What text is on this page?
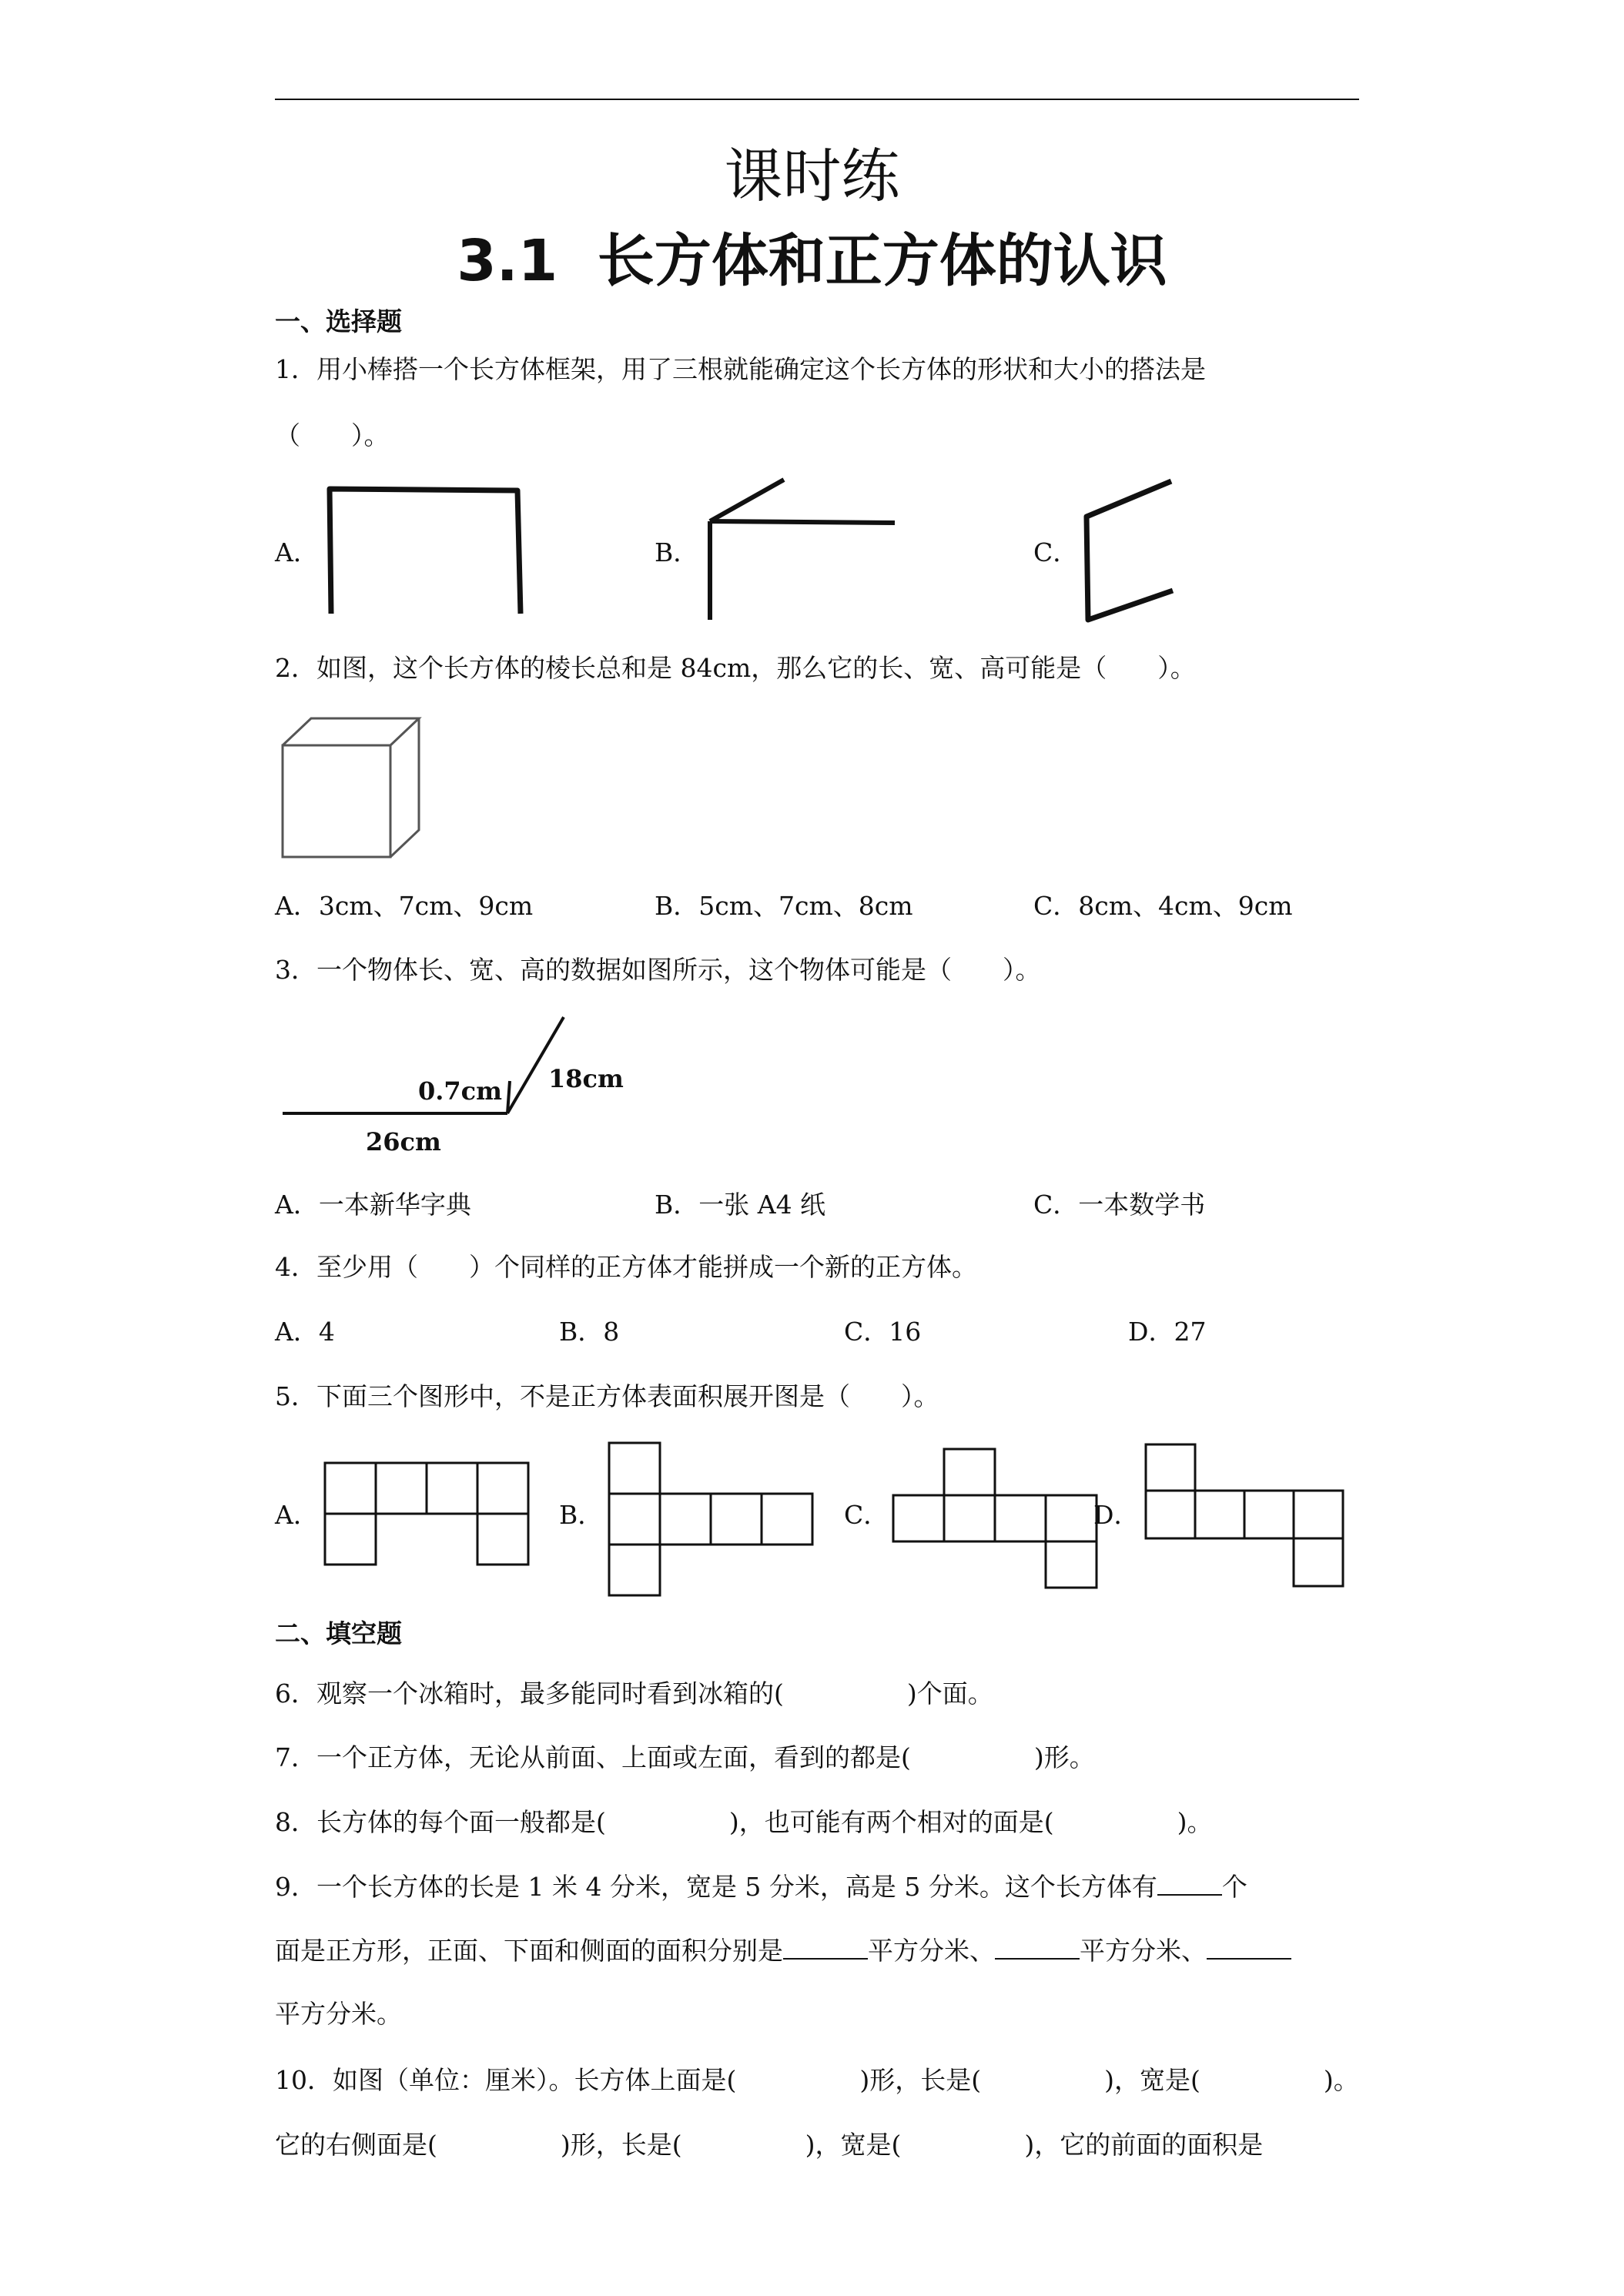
课时练
3.1  长方体和正方体的认识
一、选择题
1．用小棒搭一个长方体框架，用了三根就能确定这个长方体的形状和大小的搭法是
（　　）。
A．	B．	C．
2．如图，这个长方体的棱长总和是 84cm，那么它的长、宽、高可能是（　　）。
A．3cm、7cm、9cm	B．5cm、7cm、8cm	C．8cm、4cm、9cm
3．一个物体长、宽、高的数据如图所示，这个物体可能是（　　）。
0.7cm 18cm
26cm
A．一本新华字典	B．一张 A4 纸	C．一本数学书
4．至少用（　　）个同样的正方体才能拼成一个新的正方体。
A．4	B．8	C．16	D．27
5．下面三个图形中，不是正方体表面积展开图是（　　）。
A．	B．	C．	D．
二、填空题
6．观察一个冰箱时，最多能同时看到冰箱的(	)个面。
7．一个正方体，无论从前面、上面或左面，看到的都是(	)形。
8．长方体的每个面一般都是(	)，也可能有两个相对的面是(	)。
9．一个长方体的长是 1 米 4 分米，宽是 5 分米，高是 5 分米。这个长方体有	个
面是正方形，正面、下面和侧面的面积分别是	平方分米、	平方分米、
平方分米。
10．如图（单位：厘米）。长方体上面是(	)形，长是(	)，宽是(	)。
它的右侧面是(	)形，长是(	)，宽是(	)，它的前面的面积是
